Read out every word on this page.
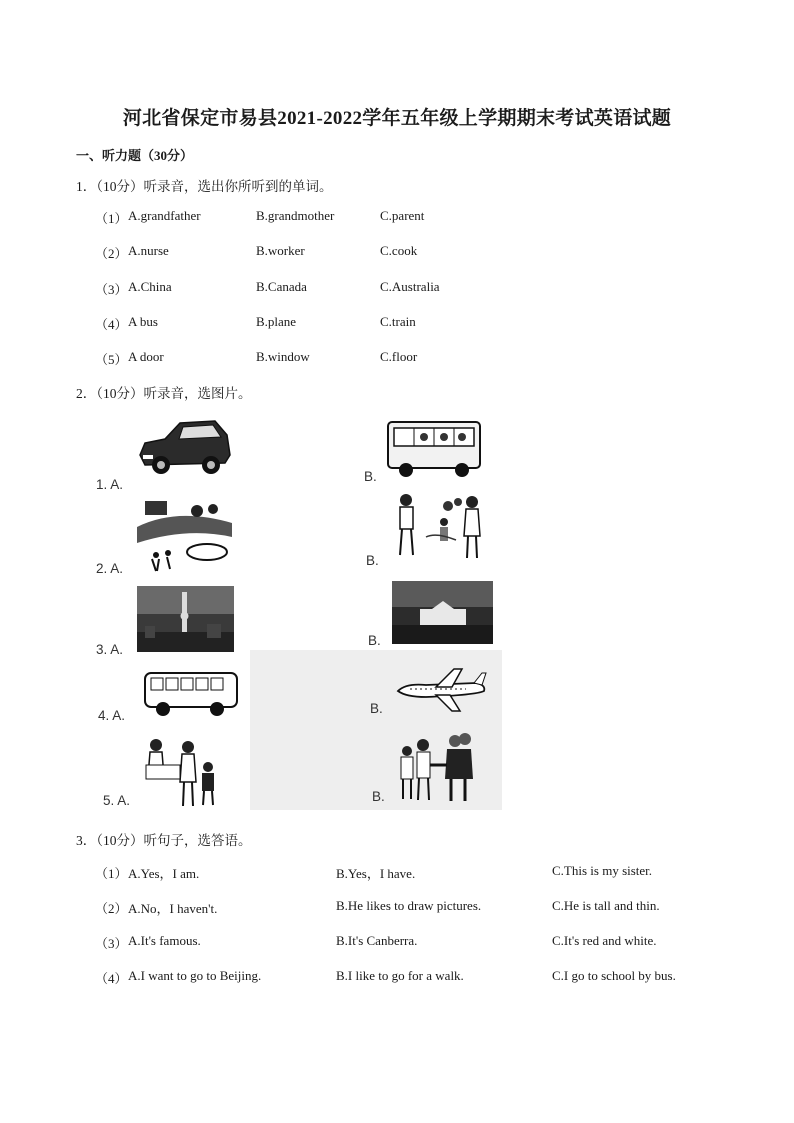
河北省保定市易县2021-2022学年五年级上学期期末考试英语试题
一、听力题（30分）
1．（10分）听录音，选出你所听到的单词。
（1） A.grandfather	B.grandmother	C.parent
（2） A.nurse	B.worker	C.cook
（3） A.China	B.Canada	C.Australia
（4） A bus	B.plane	C.train
（5） A door	B.window	C.floor
2．（10分）听录音，选图片。
1. A.
B.
2. A.
B.
3. A.
B.
4. A.	B.
5. A.	B.
3．（10分）听句子，选答语。
（1） A.Yes，I am.	B.Yes，I have.	C.This is my sister.
（2） A.No，I haven't.	B.He likes to draw pictures.	C.He is tall and thin.
（3） A.It's famous.	B.It's Canberra.	C.It's red and white.
（4） A.I want to go to Beijing.	B.I like to go for a walk.	C.I go to school by bus.
